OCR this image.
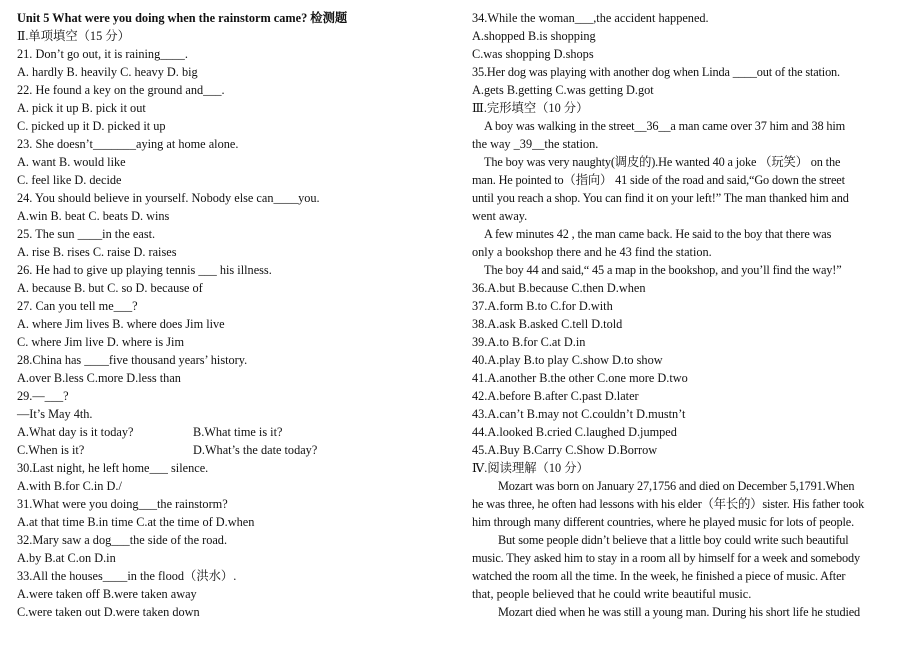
Unit 5 What were you doing when the rainstorm came? 检测题
Ⅱ.单项填空（15 分）
21. Don’t go out, it is raining____.
A. hardly B. heavily C. heavy D. big
22. He found a key on the ground and___.
A. pick it up B. pick it out
C. picked up it D. picked it up
23. She doesn’t_______aying at home alone.
A. want B. would like
C. feel like D. decide
24. You should believe in yourself. Nobody else can____you.
A.win B. beat C. beats D. wins
25. The sun ____in the east.
A. rise B. rises C. raise D. raises
26. He had to give up playing tennis ___ his illness.
A. because B. but C. so D. because of
27. Can you tell me___?
A. where Jim lives B. where does Jim live
C. where Jim live D. where is Jim
28.China has ____five thousand years’ history.
A.over B.less C.more D.less than
29.—___?
—It’s May 4th.
A.What day is it today?	B.What time is it?
C.When is it?	D.What’s the date today?
30.Last night, he left home___ silence.
A.with B.for C.in D./
31.What were you doing___the rainstorm?
A.at that time B.in time C.at the time of D.when
32.Mary saw a dog___the side of the road.
A.by B.at C.on D.in
33.All the houses____in the flood（洪水）.
A.were taken off B.were taken away
C.were taken out D.were taken down
34.While the woman___,the accident happened.
A.shopped B.is shopping
C.was shopping D.shops
35.Her dog was playing with another dog when Linda ____out of the station.
A.gets B.getting C.was getting D.got
Ⅲ.完形填空（10 分）
A boy was walking in the street__36__a man came over 37 him and 38 him
the way _39__the station.
The boy was very naughty(调皮的).He wanted 40 a joke （玩笑） on the
man. He pointed to（指向） 41 side of the road and said,“Go down the street
until you reach a shop. You can find it on your left!” The man thanked him and
went away.
A few minutes 42 , the man came back. He said to the boy that there was
only a bookshop there and he 43 find the station.
The boy 44 and said,“ 45 a map in the bookshop, and you’ll find the way!”
36.A.but B.because C.then D.when
37.A.form B.to C.for D.with
38.A.ask B.asked C.tell D.told
39.A.to B.for C.at D.in
40.A.play B.to play C.show D.to show
41.A.another B.the other C.one more D.two
42.A.before B.after C.past D.later
43.A.can’t B.may not C.couldn’t D.mustn’t
44.A.looked B.cried C.laughed D.jumped
45.A.Buy B.Carry C.Show D.Borrow
Ⅳ.阅读理解（10 分）
Mozart was born on January 27,1756 and died on December 5,1791.When
he was three, he often had lessons with his elder（年长的）sister. His father took
him through many different countries, where he played music for lots of people.
But some people didn’t believe that a little boy could write such beautiful
music. They asked him to stay in a room all by himself for a week and somebody
watched the room all the time. In the week, he finished a piece of music. After
that, people believed that he could write beautiful music.
Mozart died when he was still a young man. During his short life he studied
